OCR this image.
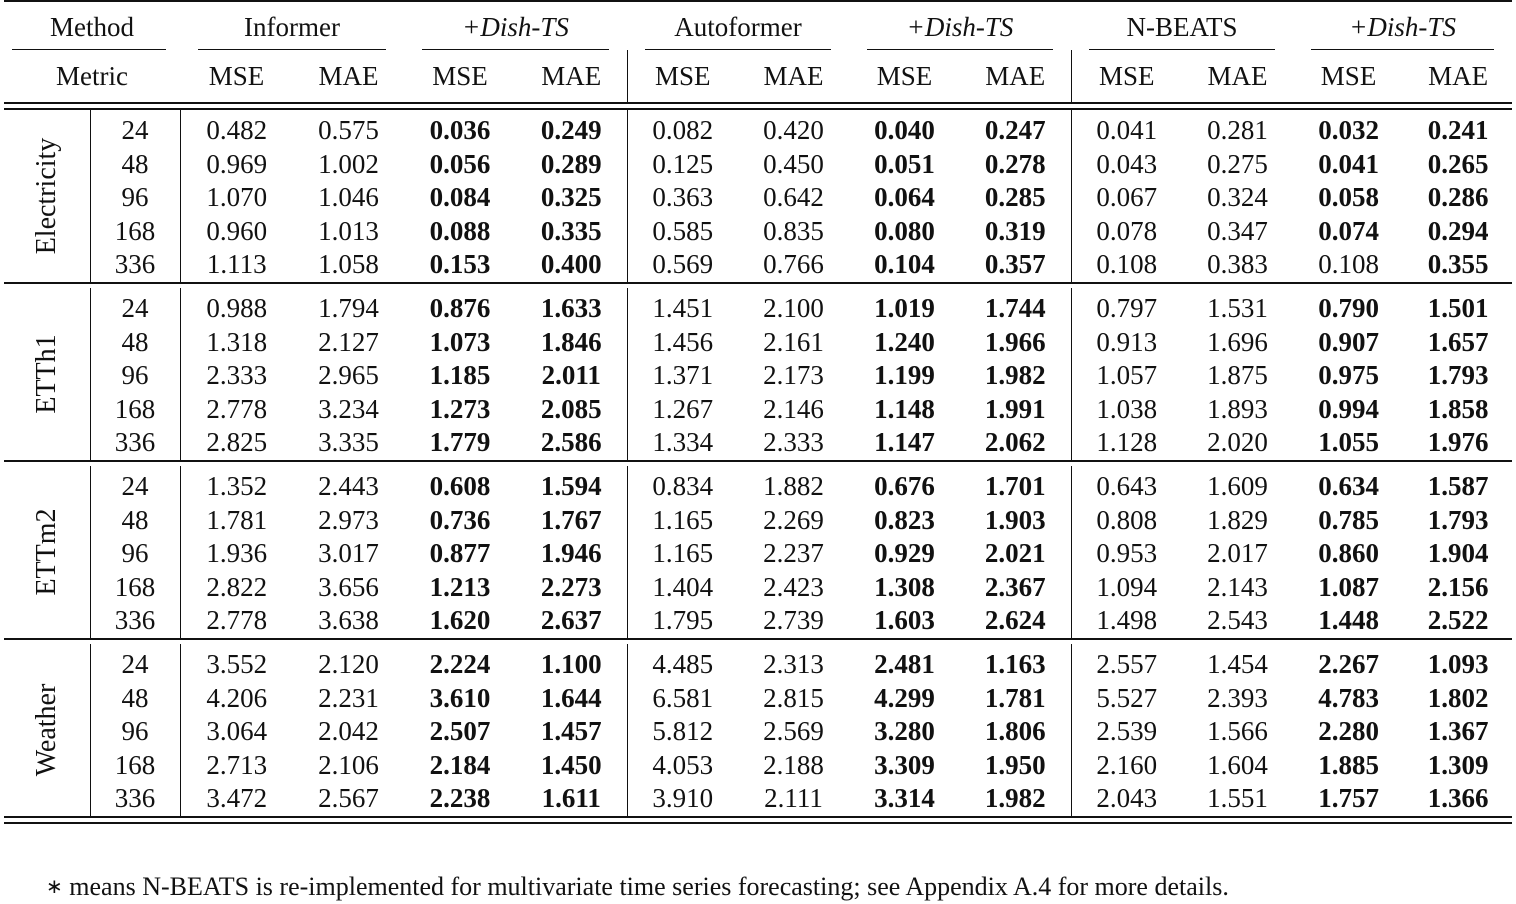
Method		Informer		+Dish-TS		Autoformer		+Dish-TS		N-BEATS		+Dish-TS	

Metric		MSE	MAE	MSE	MAE	MSE	MAE	MSE	MAE	MSE	MAE	MSE	MAE

Electricity	24	0.482	0.575	0.036	0.249	0.082	0.420	0.040	0.247	0.041	0.281	0.032	0.241
	48	0.969	1.002	0.056	0.289	0.125	0.450	0.051	0.278	0.043	0.275	0.041	0.265
	96	1.070	1.046	0.084	0.325	0.363	0.642	0.064	0.285	0.067	0.324	0.058	0.286
	168	0.960	1.013	0.088	0.335	0.585	0.835	0.080	0.319	0.078	0.347	0.074	0.294
	336	1.113	1.058	0.153	0.400	0.569	0.766	0.104	0.357	0.108	0.383	0.108	0.355

ETTh1	24	0.988	1.794	0.876	1.633	1.451	2.100	1.019	1.744	0.797	1.531	0.790	1.501
	48	1.318	2.127	1.073	1.846	1.456	2.161	1.240	1.966	0.913	1.696	0.907	1.657
	96	2.333	2.965	1.185	2.011	1.371	2.173	1.199	1.982	1.057	1.875	0.975	1.793
	168	2.778	3.234	1.273	2.085	1.267	2.146	1.148	1.991	1.038	1.893	0.994	1.858
	336	2.825	3.335	1.779	2.586	1.334	2.333	1.147	2.062	1.128	2.020	1.055	1.976

ETTm2	24	1.352	2.443	0.608	1.594	0.834	1.882	0.676	1.701	0.643	1.609	0.634	1.587
	48	1.781	2.973	0.736	1.767	1.165	2.269	0.823	1.903	0.808	1.829	0.785	1.793
	96	1.936	3.017	0.877	1.946	1.165	2.237	0.929	2.021	0.953	2.017	0.860	1.904
	168	2.822	3.656	1.213	2.273	1.404	2.423	1.308	2.367	1.094	2.143	1.087	2.156
	336	2.778	3.638	1.620	2.637	1.795	2.739	1.603	2.624	1.498	2.543	1.448	2.522

Weather	24	3.552	2.120	2.224	1.100	4.485	2.313	2.481	1.163	2.557	1.454	2.267	1.093
	48	4.206	2.231	3.610	1.644	6.581	2.815	4.299	1.781	5.527	2.393	4.783	1.802
	96	3.064	2.042	2.507	1.457	5.812	2.569	3.280	1.806	2.539	1.566	2.280	1.367
	168	2.713	2.106	2.184	1.450	4.053	2.188	3.309	1.950	2.160	1.604	1.885	1.309
	336	3.472	2.567	2.238	1.611	3.910	2.111	3.314	1.982	2.043	1.551	1.757	1.366

∗ means N-BEATS is re-implemented for multivariate time series forecasting; see Appendix A.4 for more details.
